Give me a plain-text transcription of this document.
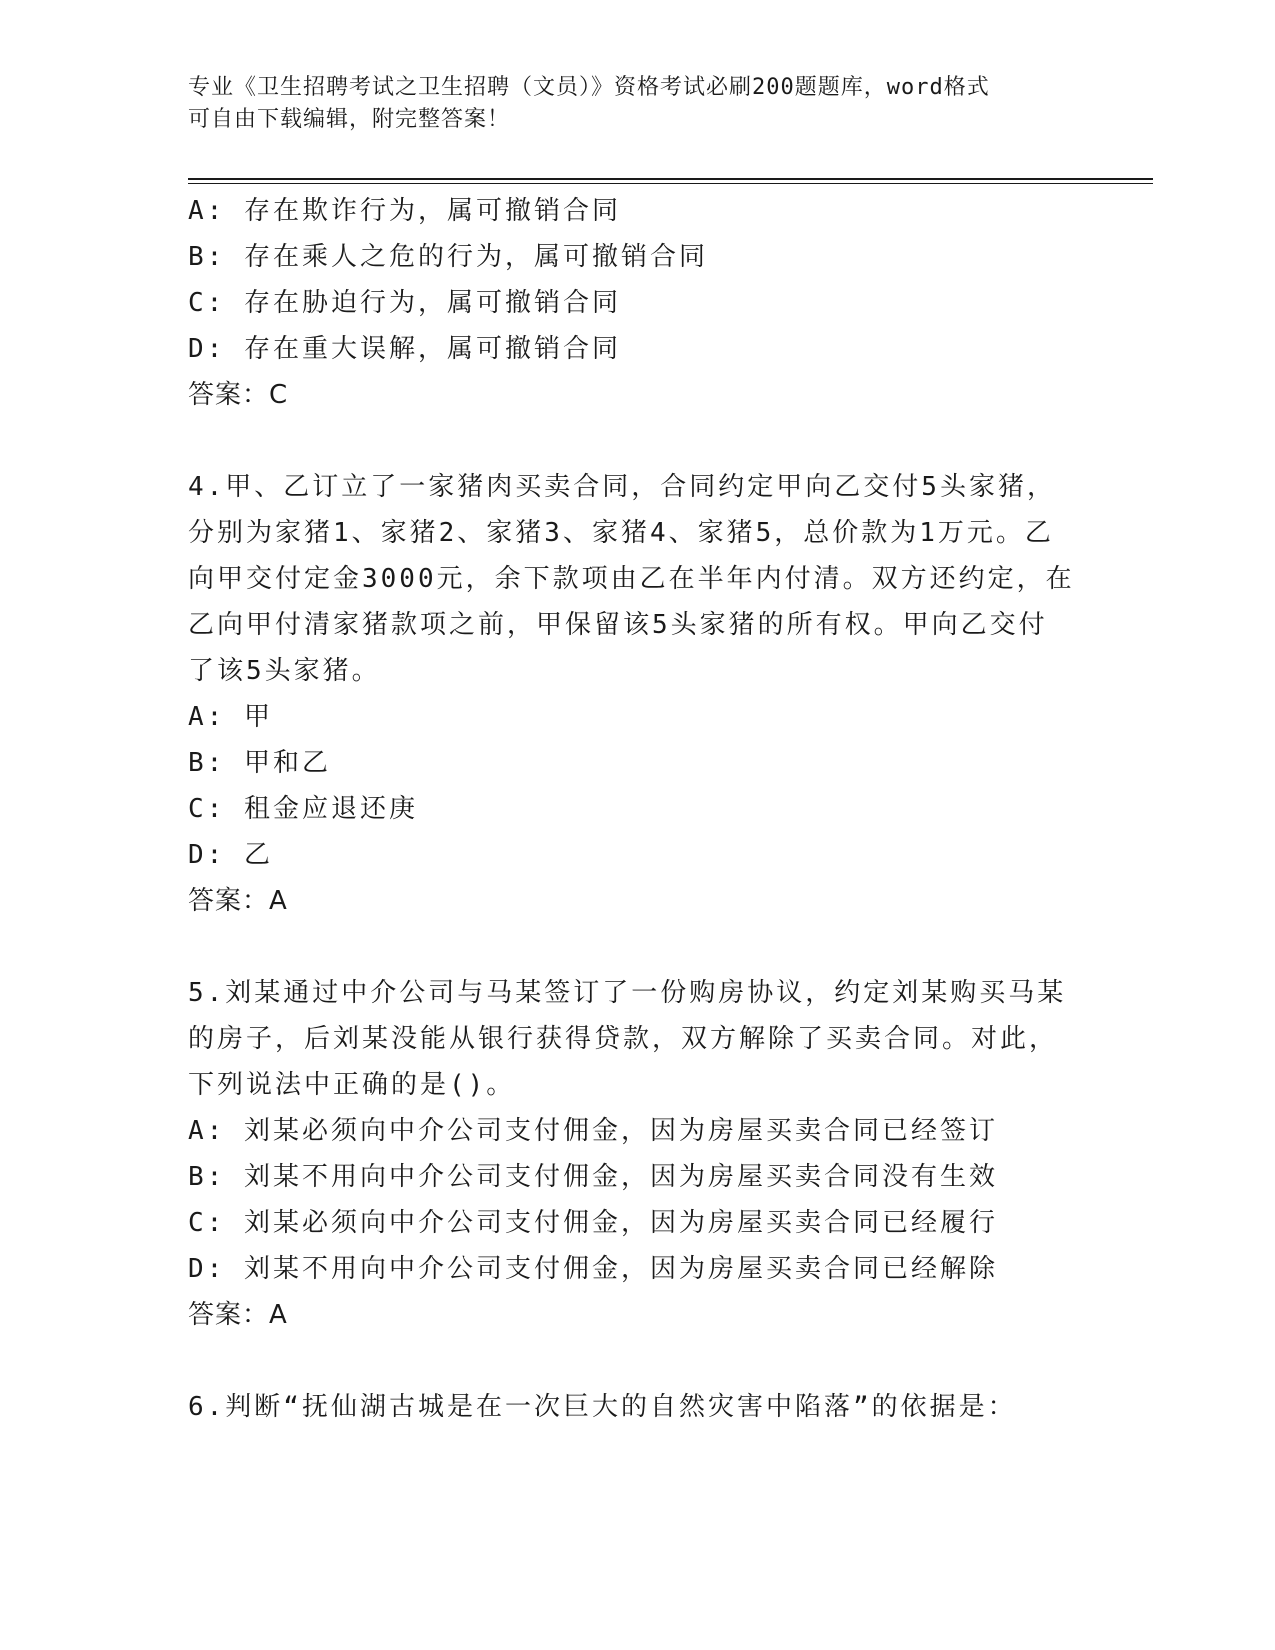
专业《卫生招聘考试之卫生招聘（文员）》资格考试必刷200题题库，word格式
可自由下载编辑，附完整答案！
A: 存在欺诈行为，属可撤销合同
B: 存在乘人之危的行为，属可撤销合同
C: 存在胁迫行为，属可撤销合同
D: 存在重大误解，属可撤销合同
答案：C
4.甲、乙订立了一家猪肉买卖合同，合同约定甲向乙交付5头家猪，
分别为家猪1、家猪2、家猪3、家猪4、家猪5，总价款为1万元。乙
向甲交付定金3000元，余下款项由乙在半年内付清。双方还约定，在
乙向甲付清家猪款项之前，甲保留该5头家猪的所有权。甲向乙交付
了该5头家猪。
A: 甲
B: 甲和乙
C: 租金应退还庚
D: 乙
答案：A
5.刘某通过中介公司与马某签订了一份购房协议，约定刘某购买马某
的房子，后刘某没能从银行获得贷款，双方解除了买卖合同。对此，
下列说法中正确的是()。
A: 刘某必须向中介公司支付佣金，因为房屋买卖合同已经签订
B: 刘某不用向中介公司支付佣金，因为房屋买卖合同没有生效
C: 刘某必须向中介公司支付佣金，因为房屋买卖合同已经履行
D: 刘某不用向中介公司支付佣金，因为房屋买卖合同已经解除
答案：A
6.判断“抚仙湖古城是在一次巨大的自然灾害中陷落”的依据是：
